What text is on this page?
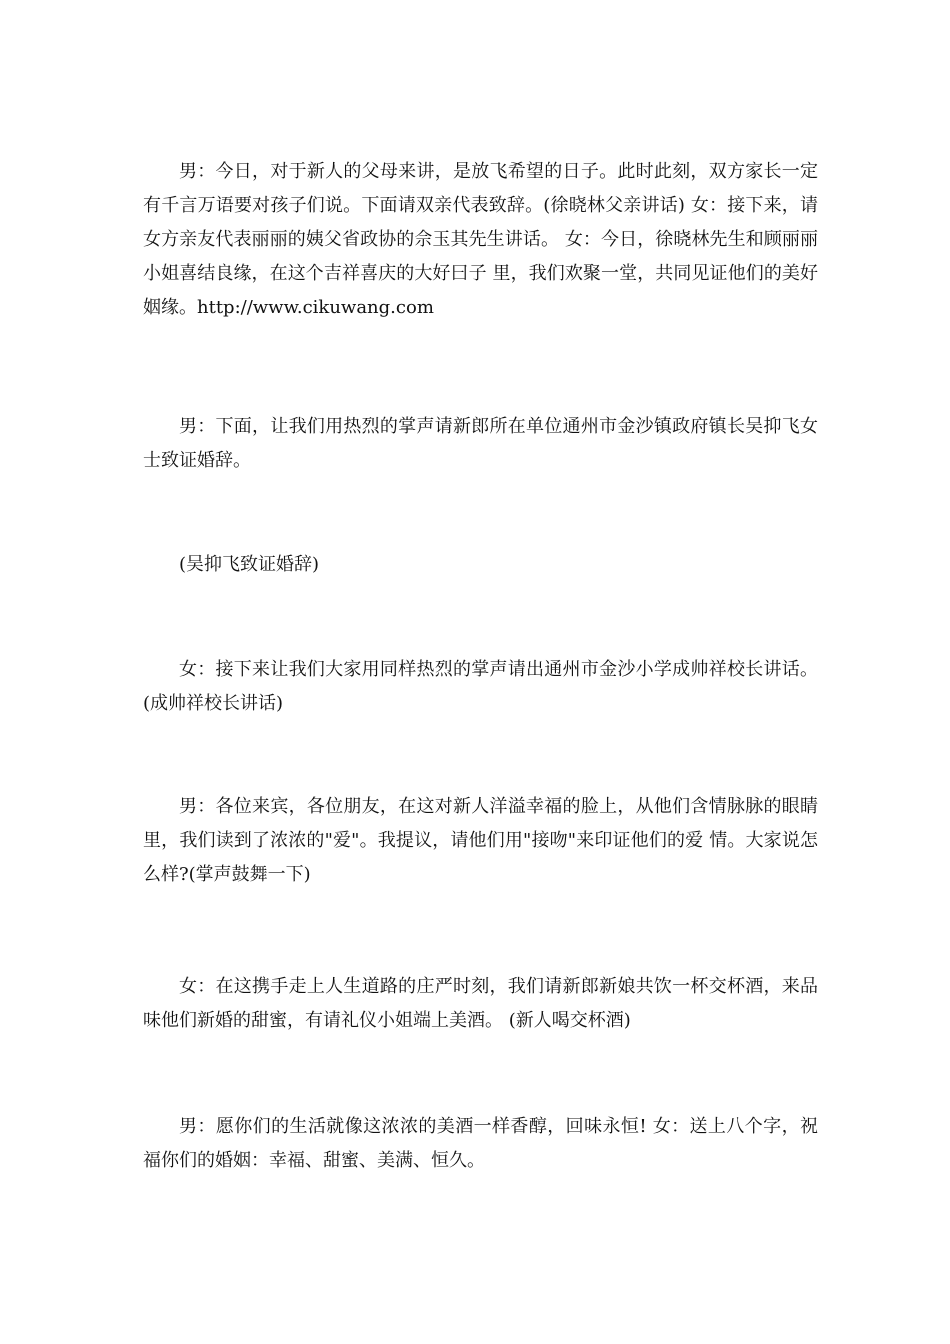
男：今日，对于新人的父母来讲，是放飞希望的日子。此时此刻，双方家长一定有千言万语要对孩子们说。下面请双亲代表致辞。(徐晓林父亲讲话) 女：接下来，请女方亲友代表丽丽的姨父省政协的佘玉其先生讲话。 女：今日，徐晓林先生和顾丽丽小姐喜结良缘，在这个吉祥喜庆的大好曰子 里，我们欢聚一堂，共同见证他们的美好姻缘。http://www.cikuwang.com

男：下面，让我们用热烈的掌声请新郎所在单位通州市金沙镇政府镇长吴抑飞女士致证婚辞。

(吴抑飞致证婚辞)

女：接下来让我们大家用同样热烈的掌声请出通州市金沙小学成帅祥校长讲话。(成帅祥校长讲话)

男：各位来宾，各位朋友，在这对新人洋溢幸福的脸上，从他们含情脉脉的眼睛里，我们读到了浓浓的"爱"。我提议，请他们用"接吻"来印证他们的爱 情。大家说怎么样?(掌声鼓舞一下)

女：在这携手走上人生道路的庄严时刻，我们请新郎新娘共饮一杯交杯酒，来品味他们新婚的甜蜜，有请礼仪小姐端上美酒。 (新人喝交杯酒)

男：愿你们的生活就像这浓浓的美酒一样香醇，回味永恒! 女：送上八个字，祝福你们的婚姻：幸福、甜蜜、美满、恒久。
